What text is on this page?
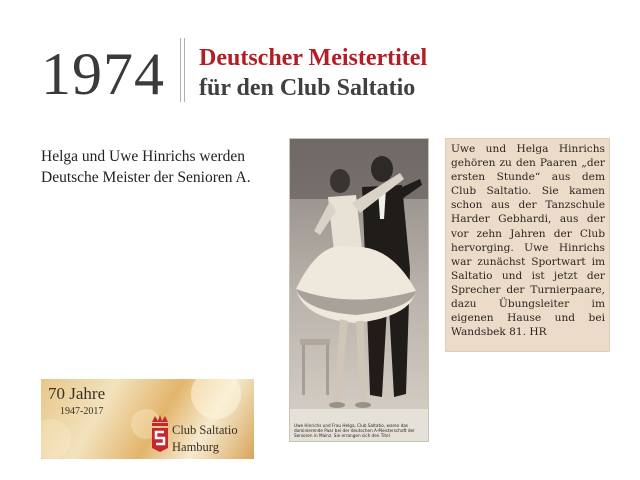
1974 Deutscher Meistertitel
für den Club Saltatio
Helga und Uwe Hinrichs werden Deutsche Meister der Senioren A.
Uwe Hinrichs und Frau Helga, Club Saltatio, waren das dominierende Paar bei der deutschen A-Meisterschaft der Senioren in Mainz. Sie errangen sich den Titel
Uwe und Helga Hinrichs gehören zu den Paaren „der ersten Stunde“ aus dem Club Saltatio. Sie kamen schon aus der Tanzschule Harder Gebhardi, aus der vor zehn Jahren der Club hervorging. Uwe Hinrichs war zunächst Sportwart im Saltatio und ist jetzt der Sprecher der Turnierpaare, dazu Übungsleiter im eigenen Hause und bei Wandsbek 81. HR
70 Jahre
1947-2017
Club Saltatio
Hamburg
